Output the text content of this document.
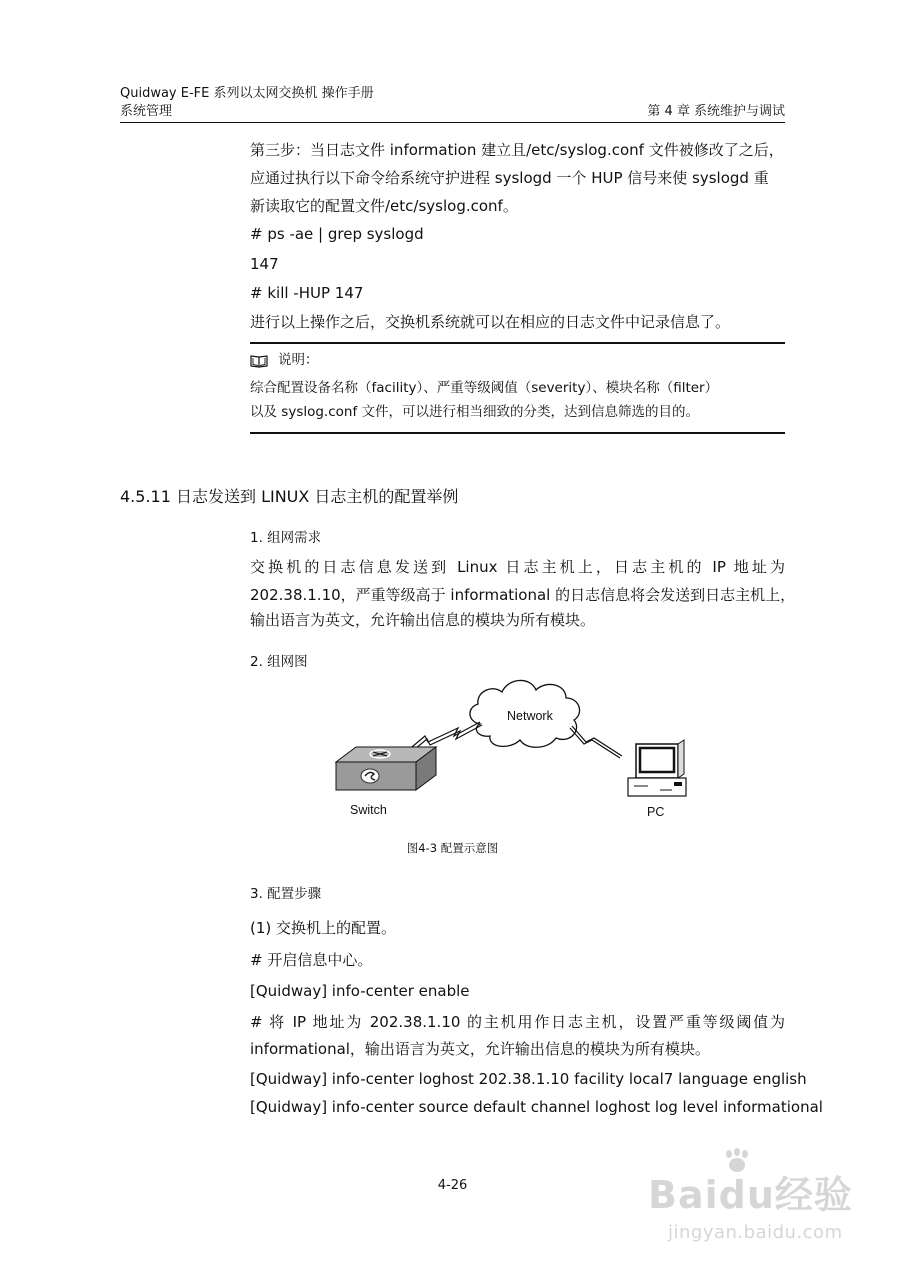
Quidway E-FE 系列以太网交换机 操作手册
系统管理	第 4 章 系统维护与调试
第三步：当日志文件 information 建立且/etc/syslog.conf 文件被修改了之后，
应通过执行以下命令给系统守护进程 syslogd 一个 HUP 信号来使 syslogd 重
新读取它的配置文件/etc/syslog.conf。
# ps -ae | grep syslogd
147
# kill -HUP 147
进行以上操作之后，交换机系统就可以在相应的日志文件中记录信息了。
说明：
综合配置设备名称（facility）、严重等级阈值（severity）、模块名称（filter）
以及 syslog.conf 文件，可以进行相当细致的分类，达到信息筛选的目的。
4.5.11 日志发送到 LINUX 日志主机的配置举例
1. 组网需求
交换机的日志信息发送到 Linux 日志主机上，日志主机的 IP 地址为
202.38.1.10，严重等级高于 informational 的日志信息将会发送到日志主机上，
输出语言为英文，允许输出信息的模块为所有模块。
2. 组网图
Network
Switch	PC
图4-3 配置示意图
3. 配置步骤
(1) 交换机上的配置。
# 开启信息中心。
[Quidway] info-center enable
# 将 IP 地址为 202.38.1.10 的主机用作日志主机，设置严重等级阈值为
informational，输出语言为英文，允许输出信息的模块为所有模块。
[Quidway] info-center loghost 202.38.1.10 facility local7 language english
[Quidway] info-center source default channel loghost log level informational
4-26	Baidu经验
jingyan.baidu.com
